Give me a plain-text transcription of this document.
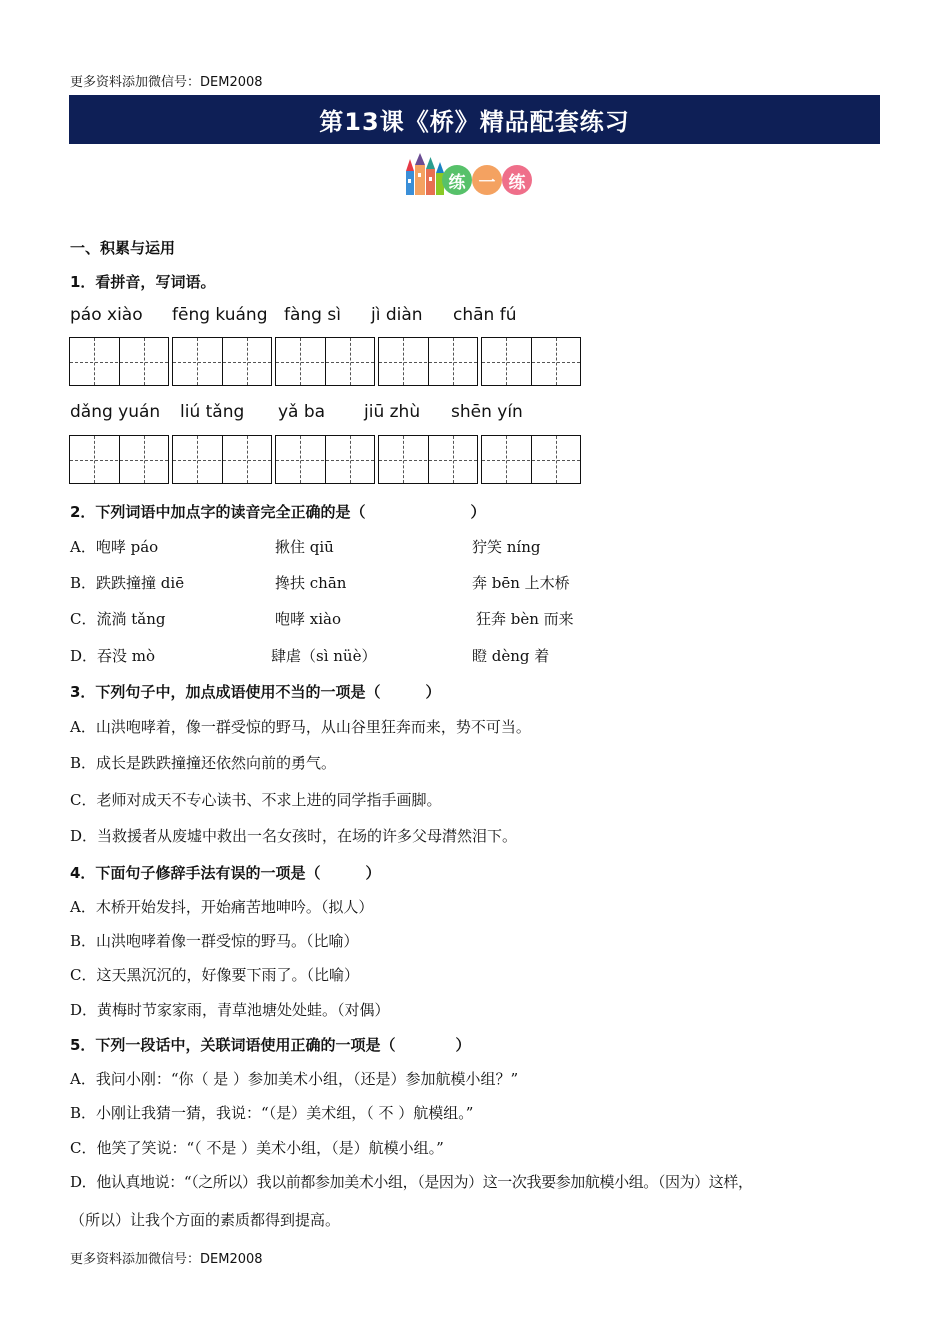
更多资料添加微信号：DEM2008
第13课《桥》精品配套练习
练 一 练
一、积累与运用
1．看拼音，写词语。
páo xiào fēng kuáng fàng sì jì diàn chān fú
dǎng yuán liú tǎng yǎ ba jiū zhù shēn yín
2．下列词语中加点字的读音完全正确的是（　　　　　　　）
A．咆哮 páo	揪住 qiū	狞笑 níng
B．跌跌撞撞 diē	搀扶 chān	奔 bēn 上木桥
C．流淌 tǎng	咆哮 xiào	狂奔 bèn 而来
D．吞没 mò	肆虐（sì nüè）	瞪 dèng 着
3．下列句子中，加点成语使用不当的一项是（　　　）
A．山洪咆哮着，像一群受惊的野马，从山谷里狂奔而来，势不可当。
B．成长是跌跌撞撞还依然向前的勇气。
C．老师对成天不专心读书、不求上进的同学指手画脚。
D．当救援者从废墟中救出一名女孩时，在场的许多父母潸然泪下。
4．下面句子修辞手法有误的一项是（　　　）
A．木桥开始发抖，开始痛苦地呻吟。（拟人）
B．山洪咆哮着像一群受惊的野马。（比喻）
C．这天黑沉沉的，好像要下雨了。（比喻）
D．黄梅时节家家雨，青草池塘处处蛙。（对偶）
5．下列一段话中，关联词语使用正确的一项是（　　　　）
A．我问小刚：“你（ 是 ）参加美术小组，（还是）参加航模小组？”
B．小刚让我猜一猜，我说：“（是）美术组，（ 不 ）航模组。”
C．他笑了笑说：“（ 不是 ）美术小组，（是）航模小组。”
D．他认真地说：“（之所以）我以前都参加美术小组，（是因为）这一次我要参加航模小组。（因为）这样，
（所以）让我个方面的素质都得到提高。
更多资料添加微信号：DEM2008
